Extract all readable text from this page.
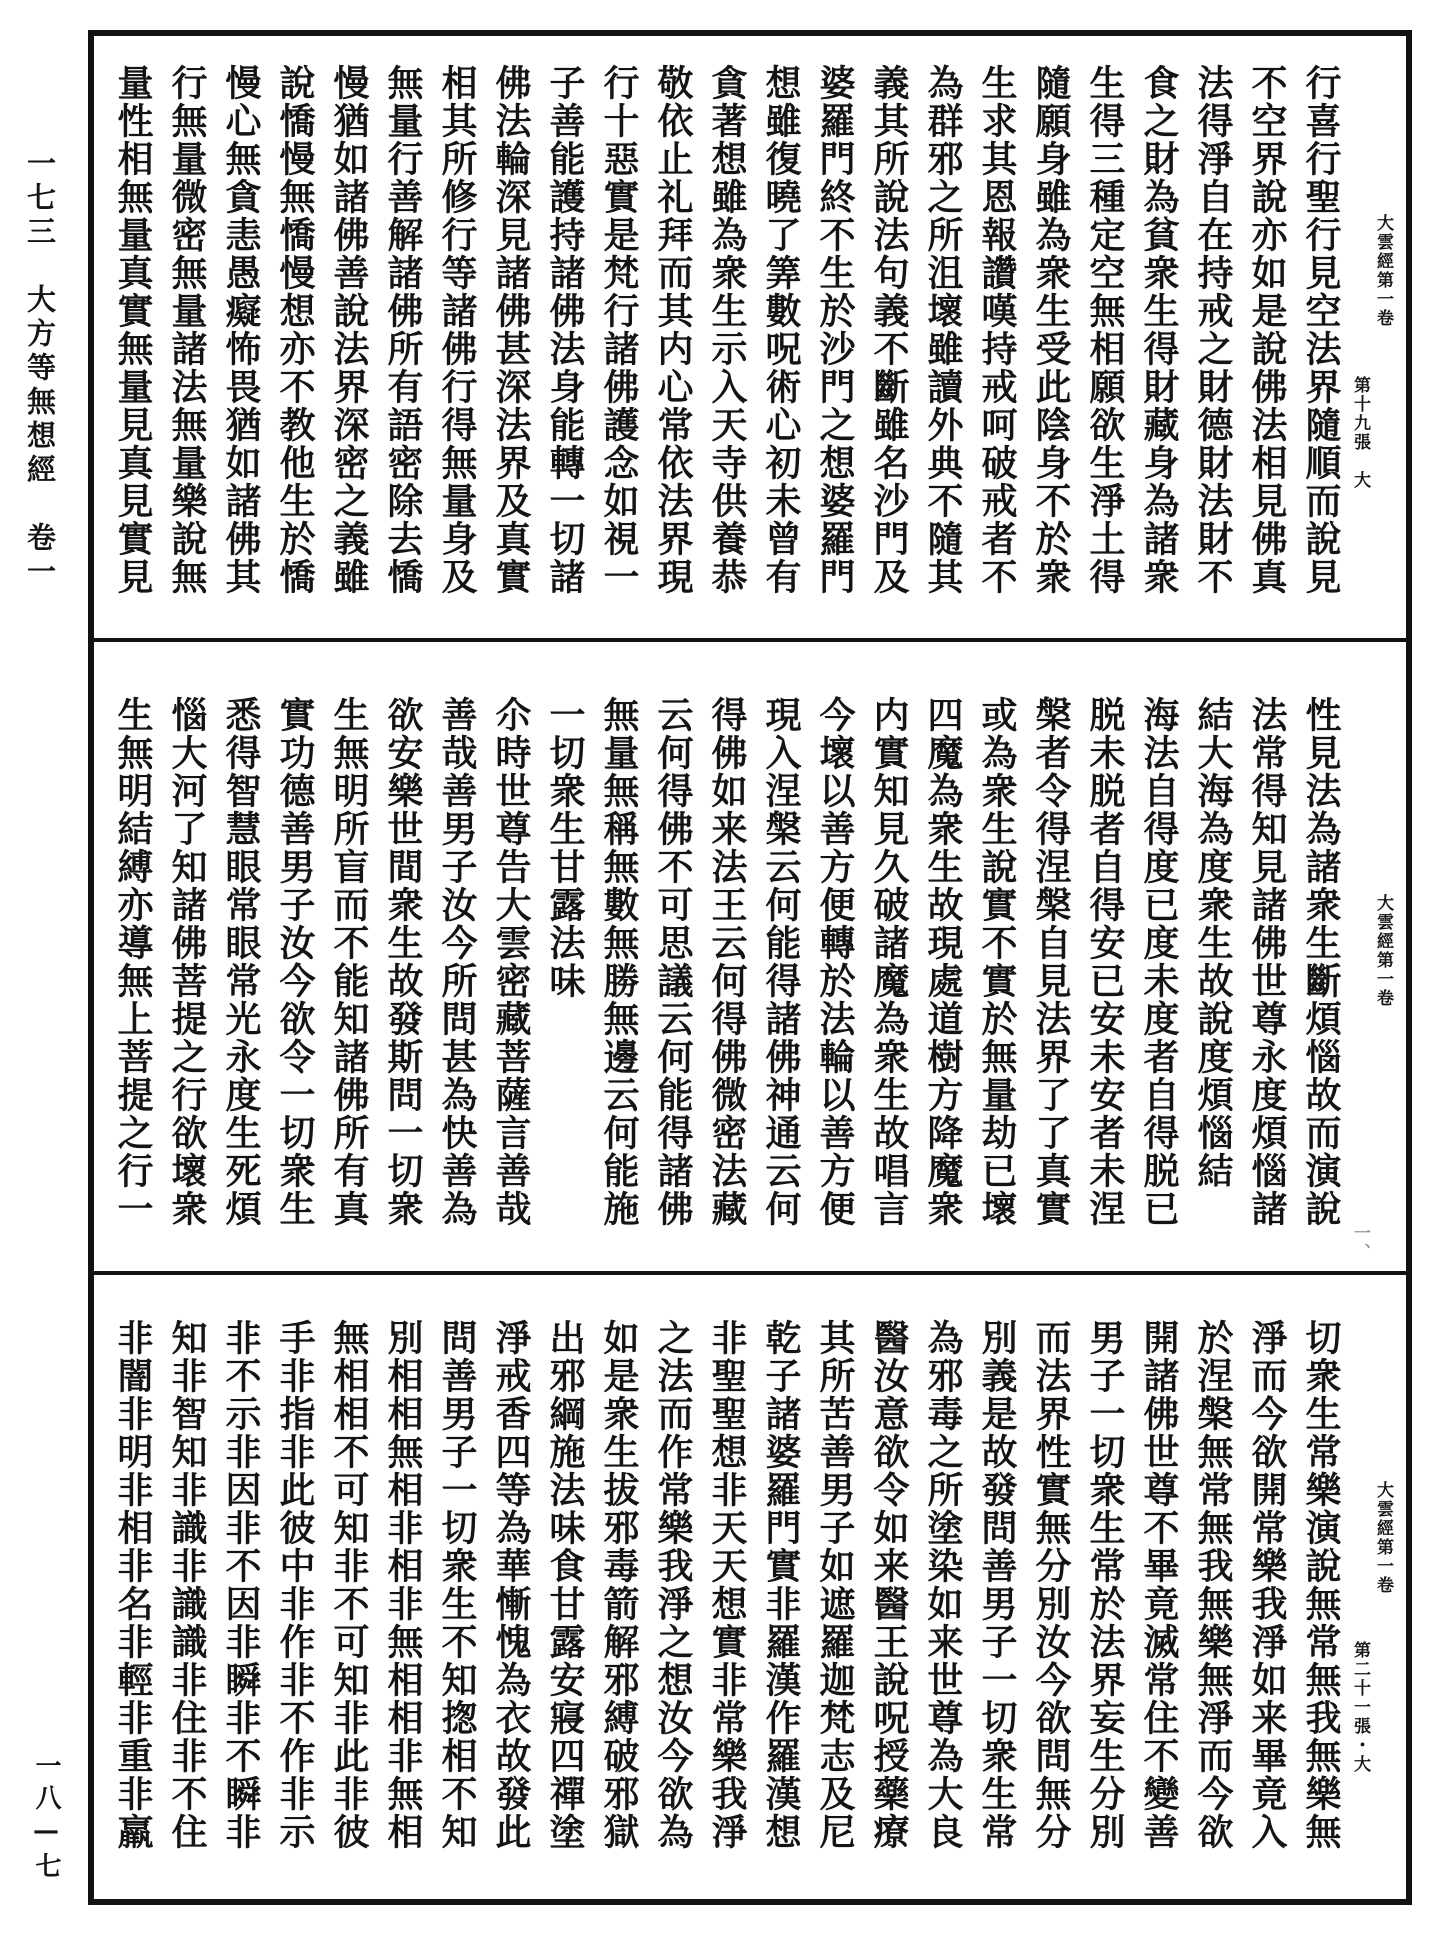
一七三　大方等無想經　卷一
一八—七
大雲經第一卷
第十九張　大
行喜行聖行見空法界隨順而說見
不空界說亦如是說佛法相見佛真
法得淨自在持戒之財德財法財不
食之財為貧衆生得財藏身為諸衆
生得三種定空無相願欲生淨土得
隨願身雖為衆生受此陰身不於衆
生求其恩報讚嘆持戒呵破戒者不
為群邪之所沮壞雖讀外典不隨其
義其所說法句義不斷雖名沙門及
婆羅門終不生於沙門之想婆羅門
想雖復曉了筭數呪術心初未曾有
貪著想雖為衆生示入天寺供養恭
敬依止礼拜而其内心常依法界現
行十惡實是梵行諸佛護念如視一
子善能護持諸佛法身能轉一切諸
佛法輪深見諸佛甚深法界及真實
相其所修行等諸佛行得無量身及
無量行善解諸佛所有語密除去憍
慢猶如諸佛善說法界深密之義雖
說憍慢無憍慢想亦不教他生於憍
慢心無貪恚愚癡怖畏猶如諸佛其
行無量微密無量諸法無量樂說無
量性相無量真實無量見真見實見
大雲經第一卷
一、
性見法為諸衆生斷煩惱故而演說
法常得知見諸佛世尊永度煩惱諸
結大海為度衆生故說度煩惱結
海法自得度已度未度者自得脱已
脱未脱者自得安已安未安者未涅
槃者令得涅槃自見法界了了真實
或為衆生說實不實於無量劫已壞
四魔為衆生故現處道樹方降魔衆
内實知見久破諸魔為衆生故唱言
今壞以善方便轉於法輪以善方便
現入涅槃云何能得諸佛神通云何
得佛如来法王云何得佛微密法藏
云何得佛不可思議云何能得諸佛
無量無稱無數無勝無邊云何能施
一切衆生甘露法味
尒時世尊告大雲密藏菩薩言善哉
善哉善男子汝今所問甚為快善為
欲安樂世間衆生故發斯問一切衆
生無明所盲而不能知諸佛所有真
實功德善男子汝今欲令一切衆生
悉得智慧眼常眼常光永度生死煩
惱大河了知諸佛菩提之行欲壞衆
生無明結縛亦導無上菩提之行一
大雲經第一卷
第二十一張・大
切衆生常樂演說無常無我無樂無
淨而今欲開常樂我淨如来畢竟入
於涅槃無常無我無樂無淨而今欲
開諸佛世尊不畢竟滅常住不變善
男子一切衆生常於法界妄生分別
而法界性實無分別汝今欲問無分
別義是故發問善男子一切衆生常
為邪毒之所塗染如来世尊為大良
醫汝意欲令如来醫王說呪授藥療
其所苦善男子如遮羅迦梵志及尼
乾子諸婆羅門實非羅漢作羅漢想
非聖聖想非天天想實非常樂我淨
之法而作常樂我淨之想汝今欲為
如是衆生拔邪毒箭解邪縛破邪獄
出邪綱施法味食甘露安寢四禪塗
淨戒香四等為華慚愧為衣故發此
問善男子一切衆生不知揔相不知
別相相無相非相非無相相非無相
無相相不可知非不可知非此非彼
手非指非此彼中非作非不作非示
非不示非因非不因非瞬非不瞬非
知非智知非識非識識非住非不住
非闇非明非相非名非輕非重非羸
